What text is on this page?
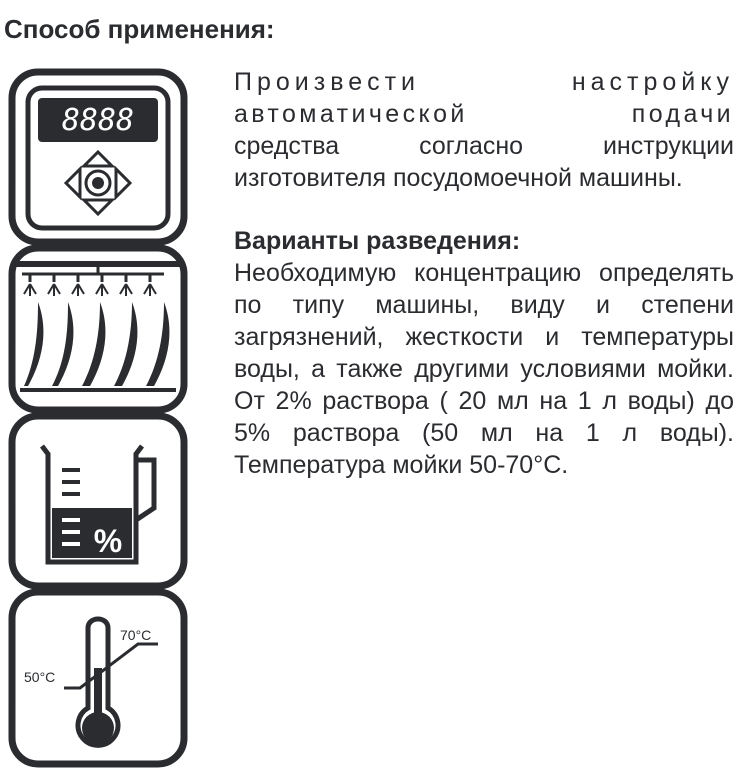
Способ применения:
8888
%
70°C
50°C
Произвести настройку
автоматической подачи
средства согласно инструкции изготовителя посудомоечной машины.
Варианты разведения:
Необходимую концентрацию определять по типу машины, виду и степени загрязнений, жесткости и температуры воды, а также другими условиями мойки. От 2% раствора ( 20 мл на 1 л воды) до 5% раствора (50 мл на 1 л воды). Температура мойки 50-70°С.
